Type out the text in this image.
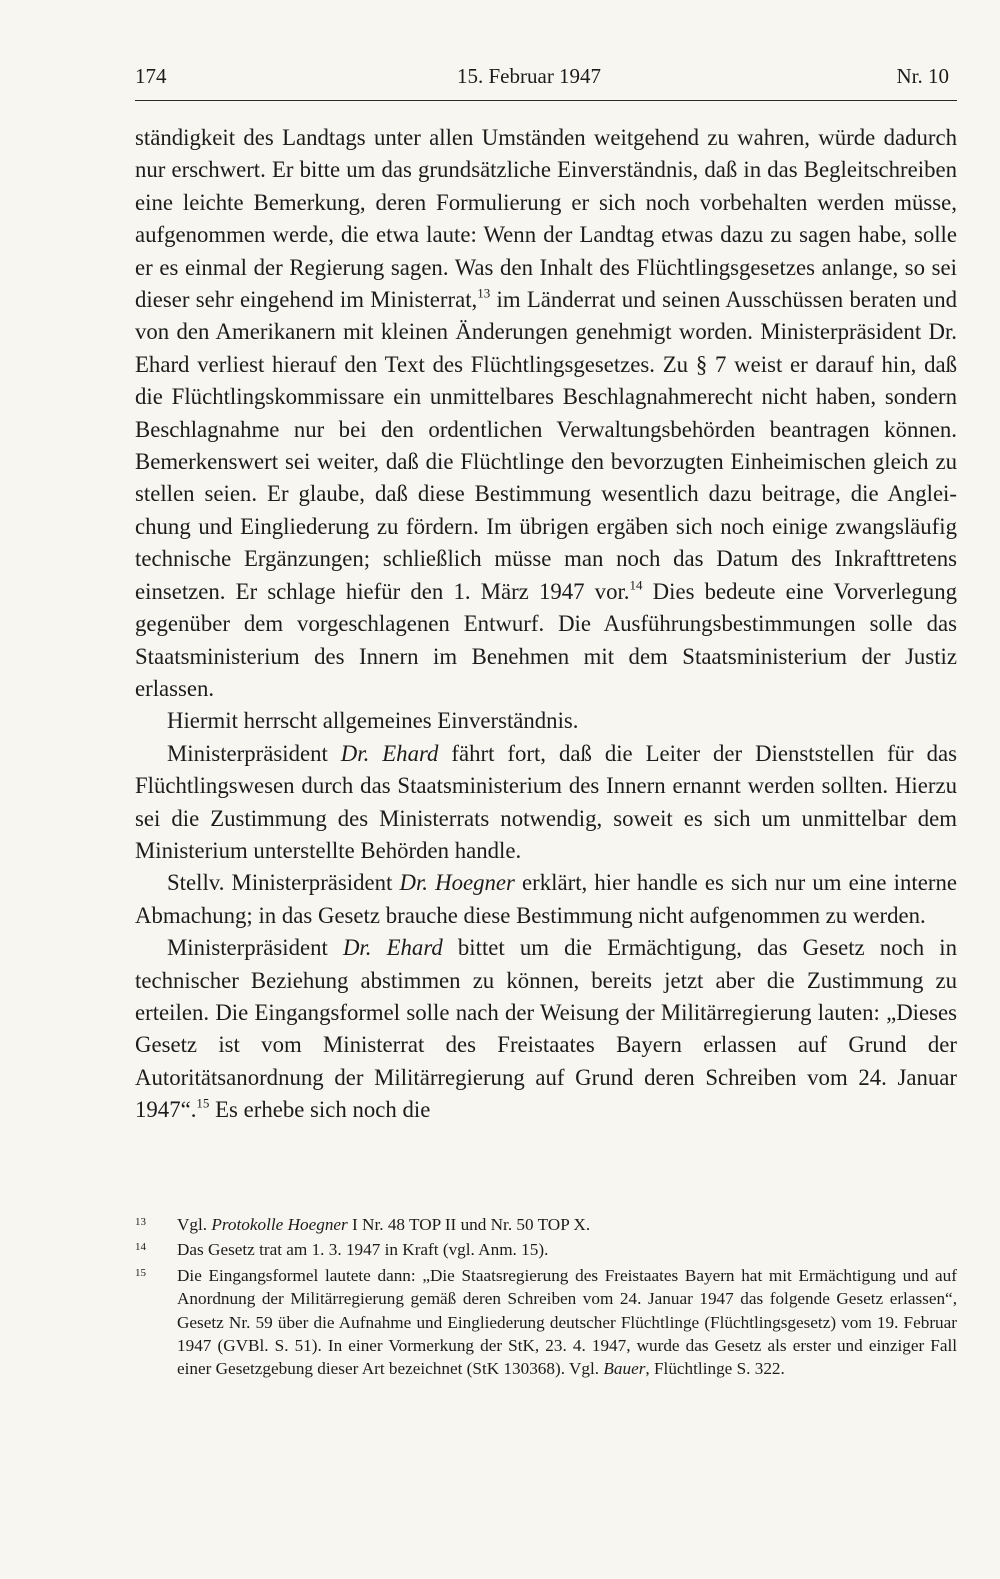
174	15. Februar 1947	Nr. 10

ständigkeit des Landtags unter allen Umständen weitgehend zu wahren, würde dadurch nur erschwert. Er bitte um das grundsätzliche Einverständnis, daß in das Begleitschreiben eine leichte Bemerkung, deren Formulierung er sich noch vorbehalten werden müsse, aufgenommen werde, die etwa laute: Wenn der Landtag etwas dazu zu sagen habe, solle er es einmal der Regierung sagen. Was den Inhalt des Flüchtlingsgesetzes anlange, so sei dieser sehr eingehend im Ministerrat,$^{13}$ im Länderrat und seinen Ausschüssen beraten und von den Amerikanern mit kleinen Änderungen genehmigt worden. Ministerpräsident Dr. Ehard verliest hierauf den Text des Flüchtlingsgesetzes. Zu § 7 weist er darauf hin, daß die Flüchtlingskommissare ein unmittelbares Beschlagnahmerecht nicht haben, sondern Beschlagnahme nur bei den ordentlichen Verwaltungsbehörden beantragen können. Bemerkenswert sei weiter, daß die Flüchtlinge den bevorzugten Einheimischen gleich zu stellen seien. Er glaube, daß diese Bestimmung wesentlich dazu beitrage, die Angleichung und Eingliederung zu fördern. Im übrigen ergäben sich noch einige zwangsläufig technische Ergänzungen; schließlich müsse man noch das Datum des Inkrafttretens einsetzen. Er schlage hiefür den 1. März 1947 vor.$^{14}$ Dies bedeute eine Vorverlegung gegenüber dem vorgeschlagenen Entwurf. Die Ausführungsbestimmungen solle das Staatsministerium des Innern im Benehmen mit dem Staatsministerium der Justiz erlassen.

Hiermit herrscht allgemeines Einverständnis.

Ministerpräsident Dr. Ehard fährt fort, daß die Leiter der Dienststellen für das Flüchtlingswesen durch das Staatsministerium des Innern ernannt werden sollten. Hierzu sei die Zustimmung des Ministerrats notwendig, soweit es sich um unmittelbar dem Ministerium unterstellte Behörden handle.

Stellv. Ministerpräsident Dr. Hoegner erklärt, hier handle es sich nur um eine interne Abmachung; in das Gesetz brauche diese Bestimmung nicht aufgenommen zu werden.

Ministerpräsident Dr. Ehard bittet um die Ermächtigung, das Gesetz noch in technischer Beziehung abstimmen zu können, bereits jetzt aber die Zustimmung zu erteilen. Die Eingangsformel solle nach der Weisung der Militärregierung lauten: „Dieses Gesetz ist vom Ministerrat des Freistaates Bayern erlassen auf Grund der Autoritätsanordnung der Militärregierung auf Grund deren Schreiben vom 24. Januar 1947“.$^{15}$ Es erhebe sich noch die

13 Vgl. Protokolle Hoegner I Nr. 48 TOP II und Nr. 50 TOP X.

14 Das Gesetz trat am 1. 3. 1947 in Kraft (vgl. Anm. 15).

15 Die Eingangsformel lautete dann: „Die Staatsregierung des Freistaates Bayern hat mit Ermächtigung und auf Anordnung der Militärregierung gemäß deren Schreiben vom 24. Januar 1947 das folgende Gesetz erlassen“, Gesetz Nr. 59 über die Aufnahme und Eingliederung deutscher Flüchtlinge (Flüchtlingsgesetz) vom 19. Februar 1947 (GVBl. S. 51). In einer Vormerkung der StK, 23. 4. 1947, wurde das Gesetz als erster und einziger Fall einer Gesetzgebung dieser Art bezeichnet (StK 130368). Vgl. Bauer, Flüchtlinge S. 322.
